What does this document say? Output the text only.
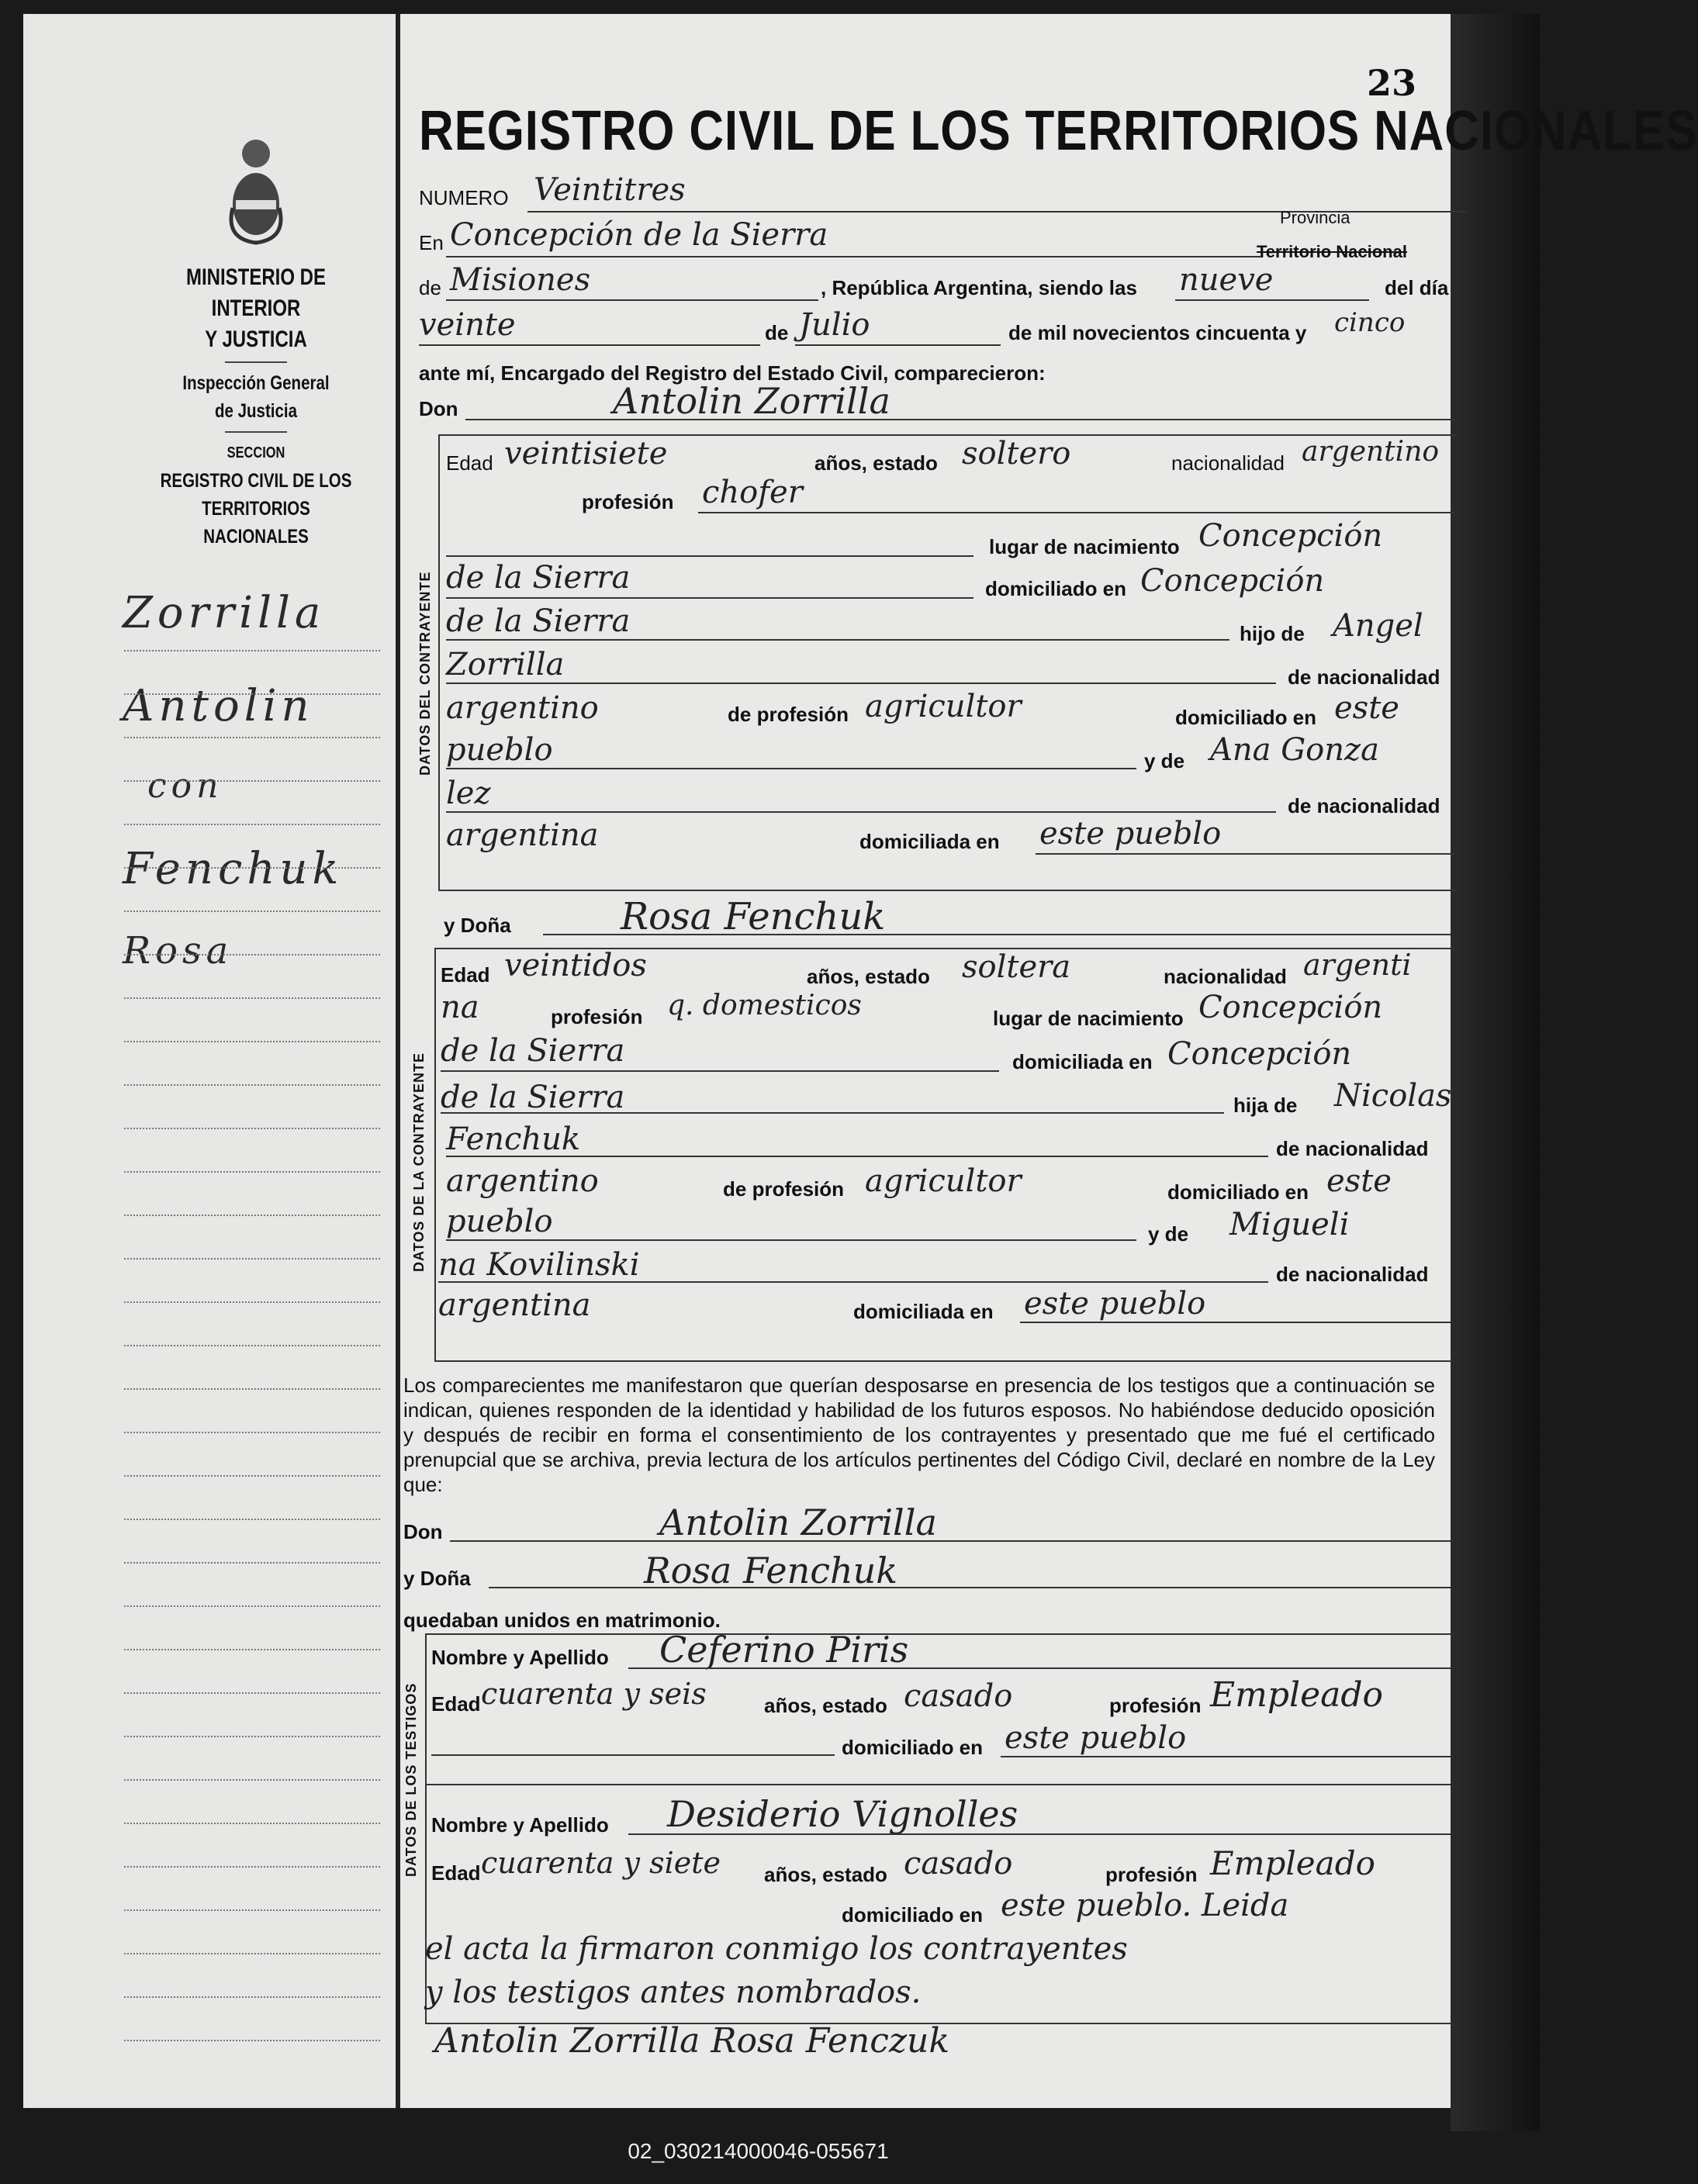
MINISTERIO DE INTERIOR
Y JUSTICIA
Inspección General
de Justicia
SECCION
REGISTRO CIVIL DE LOS
TERRITORIOS NACIONALES
Zorrilla
Antolin
con
Fenchuk
Rosa
23
REGISTRO CIVIL DE LOS TERRITORIOS NACIONALES
NUMERO Veintitres
En Concepción de la Sierra	Provincia
Territorio Nacional
de Misiones	, República Argentina, siendo las nueve	del día
veinte	de Julio	de mil novecientos cincuenta y cinco
ante mí, Encargado del Registro del Estado Civil, comparecieron:
Don	Antolin Zorrilla
DATOS DEL CONTRAYENTE
Edad veintisiete	años, estado soltero	nacionalidad argentino
profesión chofer
lugar de nacimiento Concepción
de la Sierra	domiciliado en Concepción
de la Sierra	hijo de Angel
Zorrilla	de nacionalidad
argentino	de profesión agricultor	domiciliado en este
pueblo	y de Ana Gonza
lez	de nacionalidad
argentina	domiciliada en este pueblo
y Doña	Rosa Fenchuk
DATOS DE LA CONTRAYENTE
Edad veintidos	años, estado soltera	nacionalidad argenti
na	profesión q. domesticos	lugar de nacimiento Concepción
de la Sierra	domiciliada en Concepción
de la Sierra	hija de Nicolas
Fenchuk	de nacionalidad
argentino	de profesión agricultor	domiciliado en este
pueblo	y de Migueli
na Kovilinski	de nacionalidad
argentina	domiciliada en este pueblo
Los comparecientes me manifestaron que querían desposarse en presencia de los testigos que a continuación se indican, quienes responden de la identidad y habilidad de los futuros esposos. No habiéndose deducido oposición y después de recibir en forma el consentimiento de los contrayentes y presentado que me fué el certificado prenupcial que se archiva, previa lectura de los artículos pertinentes del Código Civil, declaré en nombre de la Ley que:
Don	Antolin Zorrilla
y Doña	Rosa Fenchuk
quedaban unidos en matrimonio.
DATOS DE LOS TESTIGOS
Nombre y Apellido Ceferino Piris
Edad cuarenta y seis	años, estado casado	profesión Empleado
domiciliado en este pueblo
Nombre y Apellido Desiderio Vignolles
Edad cuarenta y siete años, estado casado	profesión Empleado
domiciliado en este pueblo. Leida
el acta la firmaron conmigo los contrayentes
y los testigos antes nombrados.
Antolin Zorrilla Rosa Fenczuk
02_030214000046-055671
